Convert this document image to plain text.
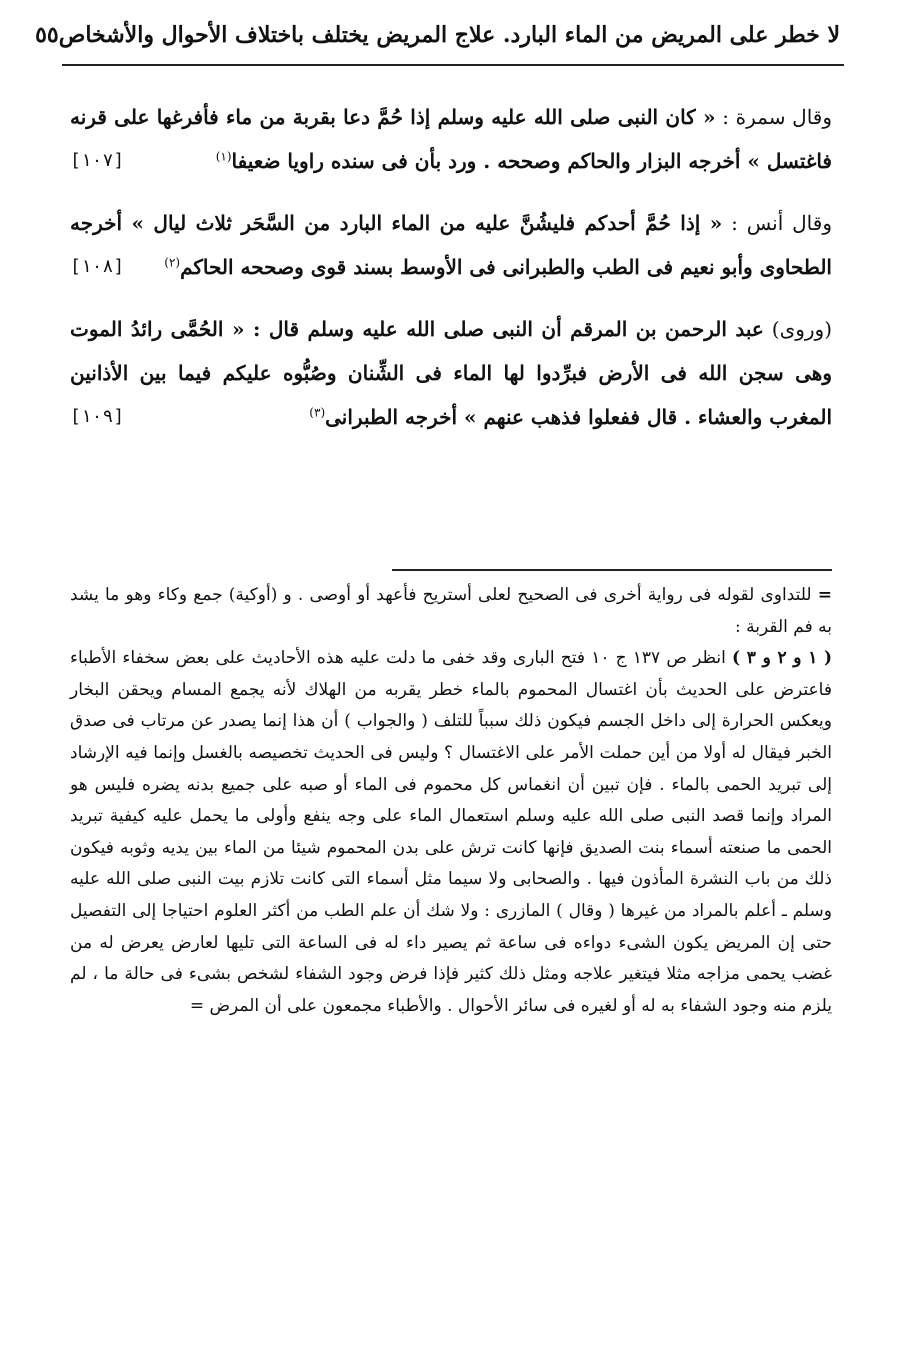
لا خطر على المريض من الماء البارد. علاج المريض يختلف باختلاف الأحوال والأشخاص
٥٥

وقال سمرة : « كان النبى صلى الله عليه وسلم إذا حُمَّ دعا بقربة من ماء فأفرغها على قرنه فاغتسل » أخرجه البزار والحاكم وصححه . ورد بأن فى سنده راويا ضعيفا$^{(١)}$
[١٠٧]

وقال أنس : « إذا حُمَّ أحدكم فليشُنَّ عليه من الماء البارد من السَّحَر ثلاث ليال » أخرجه الطحاوى وأبو نعيم فى الطب والطبرانى فى الأوسط بسند قوى وصححه الحاكم$^{(٢)}$
[١٠٨]

(وروى) عبد الرحمن بن المرقم أن النبى صلى الله عليه وسلم قال : « الحُمَّى رائدُ الموت وهى سجن الله فى الأرض فبرِّدوا لها الماء فى الشِّنان وصُبُّوه عليكم فيما بين الأذانين المغرب والعشاء . قال ففعلوا فذهب عنهم » أخرجه الطبرانى$^{(٣)}$
[١٠٩]

= للتداوى لقوله فى رواية أخرى فى الصحيح لعلى أستريح فأعهد أو أوصى . و (أوكية) جمع وكاء وهو ما يشد به فم القربة :

( ١ و ٢ و ٣ ) انظر ص ١٣٧ ج ١٠ فتح البارى وقد خفى ما دلت عليه هذه الأحاديث على بعض سخفاء الأطباء فاعترض على الحديث بأن اغتسال المحموم بالماء خطر يقربه من الهلاك لأنه يجمع المسام ويحقن البخار ويعكس الحرارة إلى داخل الجسم فيكون ذلك سبباً للتلف ( والجواب ) أن هذا إنما يصدر عن مرتاب فى صدق الخبر فيقال له أولا من أين حملت الأمر على الاغتسال ؟ وليس فى الحديث تخصيصه بالغسل وإنما فيه الإرشاد إلى تبريد الحمى بالماء . فإن تبين أن انغماس كل محموم فى الماء أو صبه على جميع بدنه يضره فليس هو المراد وإنما قصد النبى صلى الله عليه وسلم استعمال الماء على وجه ينفع وأولى ما يحمل عليه كيفية تبريد الحمى ما صنعته أسماء بنت الصديق فإنها كانت ترش على بدن المحموم شيئا من الماء بين يديه وثوبه فيكون ذلك من باب النشرة المأذون فيها . والصحابى ولا سيما مثل أسماء التى كانت تلازم بيت النبى صلى الله عليه وسلم ـ أعلم بالمراد من غيرها ( وقال ) المازرى : ولا شك أن علم الطب من أكثر العلوم احتياجا إلى التفصيل حتى إن المريض يكون الشىء دواءه فى ساعة ثم يصير داء له فى الساعة التى تليها لعارض يعرض له من غضب يحمى مزاجه مثلا فيتغير علاجه ومثل ذلك كثير فإذا فرض وجود الشفاء لشخص بشىء فى حالة ما ، لم يلزم منه وجود الشفاء به له أو لغيره فى سائر الأحوال . والأطباء مجمعون على أن المرض =
